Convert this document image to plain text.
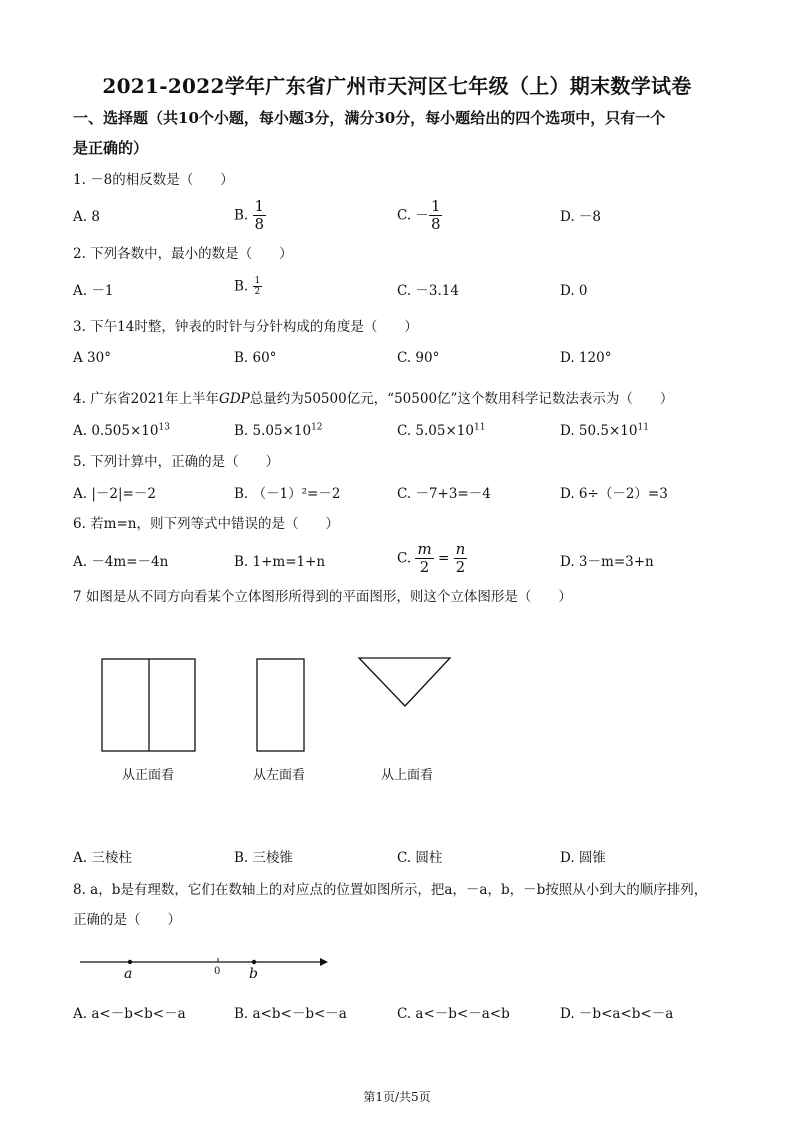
2021-2022学年广东省广州市天河区七年级（上）期末数学试卷
一、选择题（共10个小题，每小题3分，满分30分，每小题给出的四个选项中，只有一个
是正确的）
1. －8的相反数是（　　）
A. 8	B. $\frac{1}{8}$	C. － $\frac{1}{8}$	D. －8
2. 下列各数中，最小的数是（　　）
A. －1	B. $\frac{1}{2}$	C. －3.14	D. 0
3. 下午14时整，钟表的时针与分针构成的角度是（　　）
A 30°	B. 60°	C. 90°	D. 120°
4. 广东省2021年上半年GDP总量约为50500亿元，“50500亿”这个数用科学记数法表示为（　　）
A. $0.505\times 10^{13}$	B. $5.05\times 10^{12}$	C. $5.05\times 10^{11}$	D. $50.5\times 10^{11}$
5. 下列计算中，正确的是（　　）
A. |－2|=－2	B. （－1）²=－2	C. －7+3=－4	D. 6÷（－2）=3
6. 若m=n，则下列等式中错误的是（　　）
A. －4m=－4n	B. 1+m=1+n	C. $\frac{m}{2} = \frac{n}{2}$	D. 3－m=3+n
7 如图是从不同方向看某个立体图形所得到的平面图形，则这个立体图形是（　　）
从正面看	从左面看	从上面看
A. 三棱柱	B. 三棱锥	C. 圆柱	D. 圆锥
8. a，b是有理数，它们在数轴上的对应点的位置如图所示，把a，－a，b，－b按照从小到大的顺序排列，
正确的是（　　）
a	0 b
A. a<－b<b<－a	B. a<b<－b<－a	C. a<－b<－a<b	D. －b<a<b<－a
第1页/共5页
